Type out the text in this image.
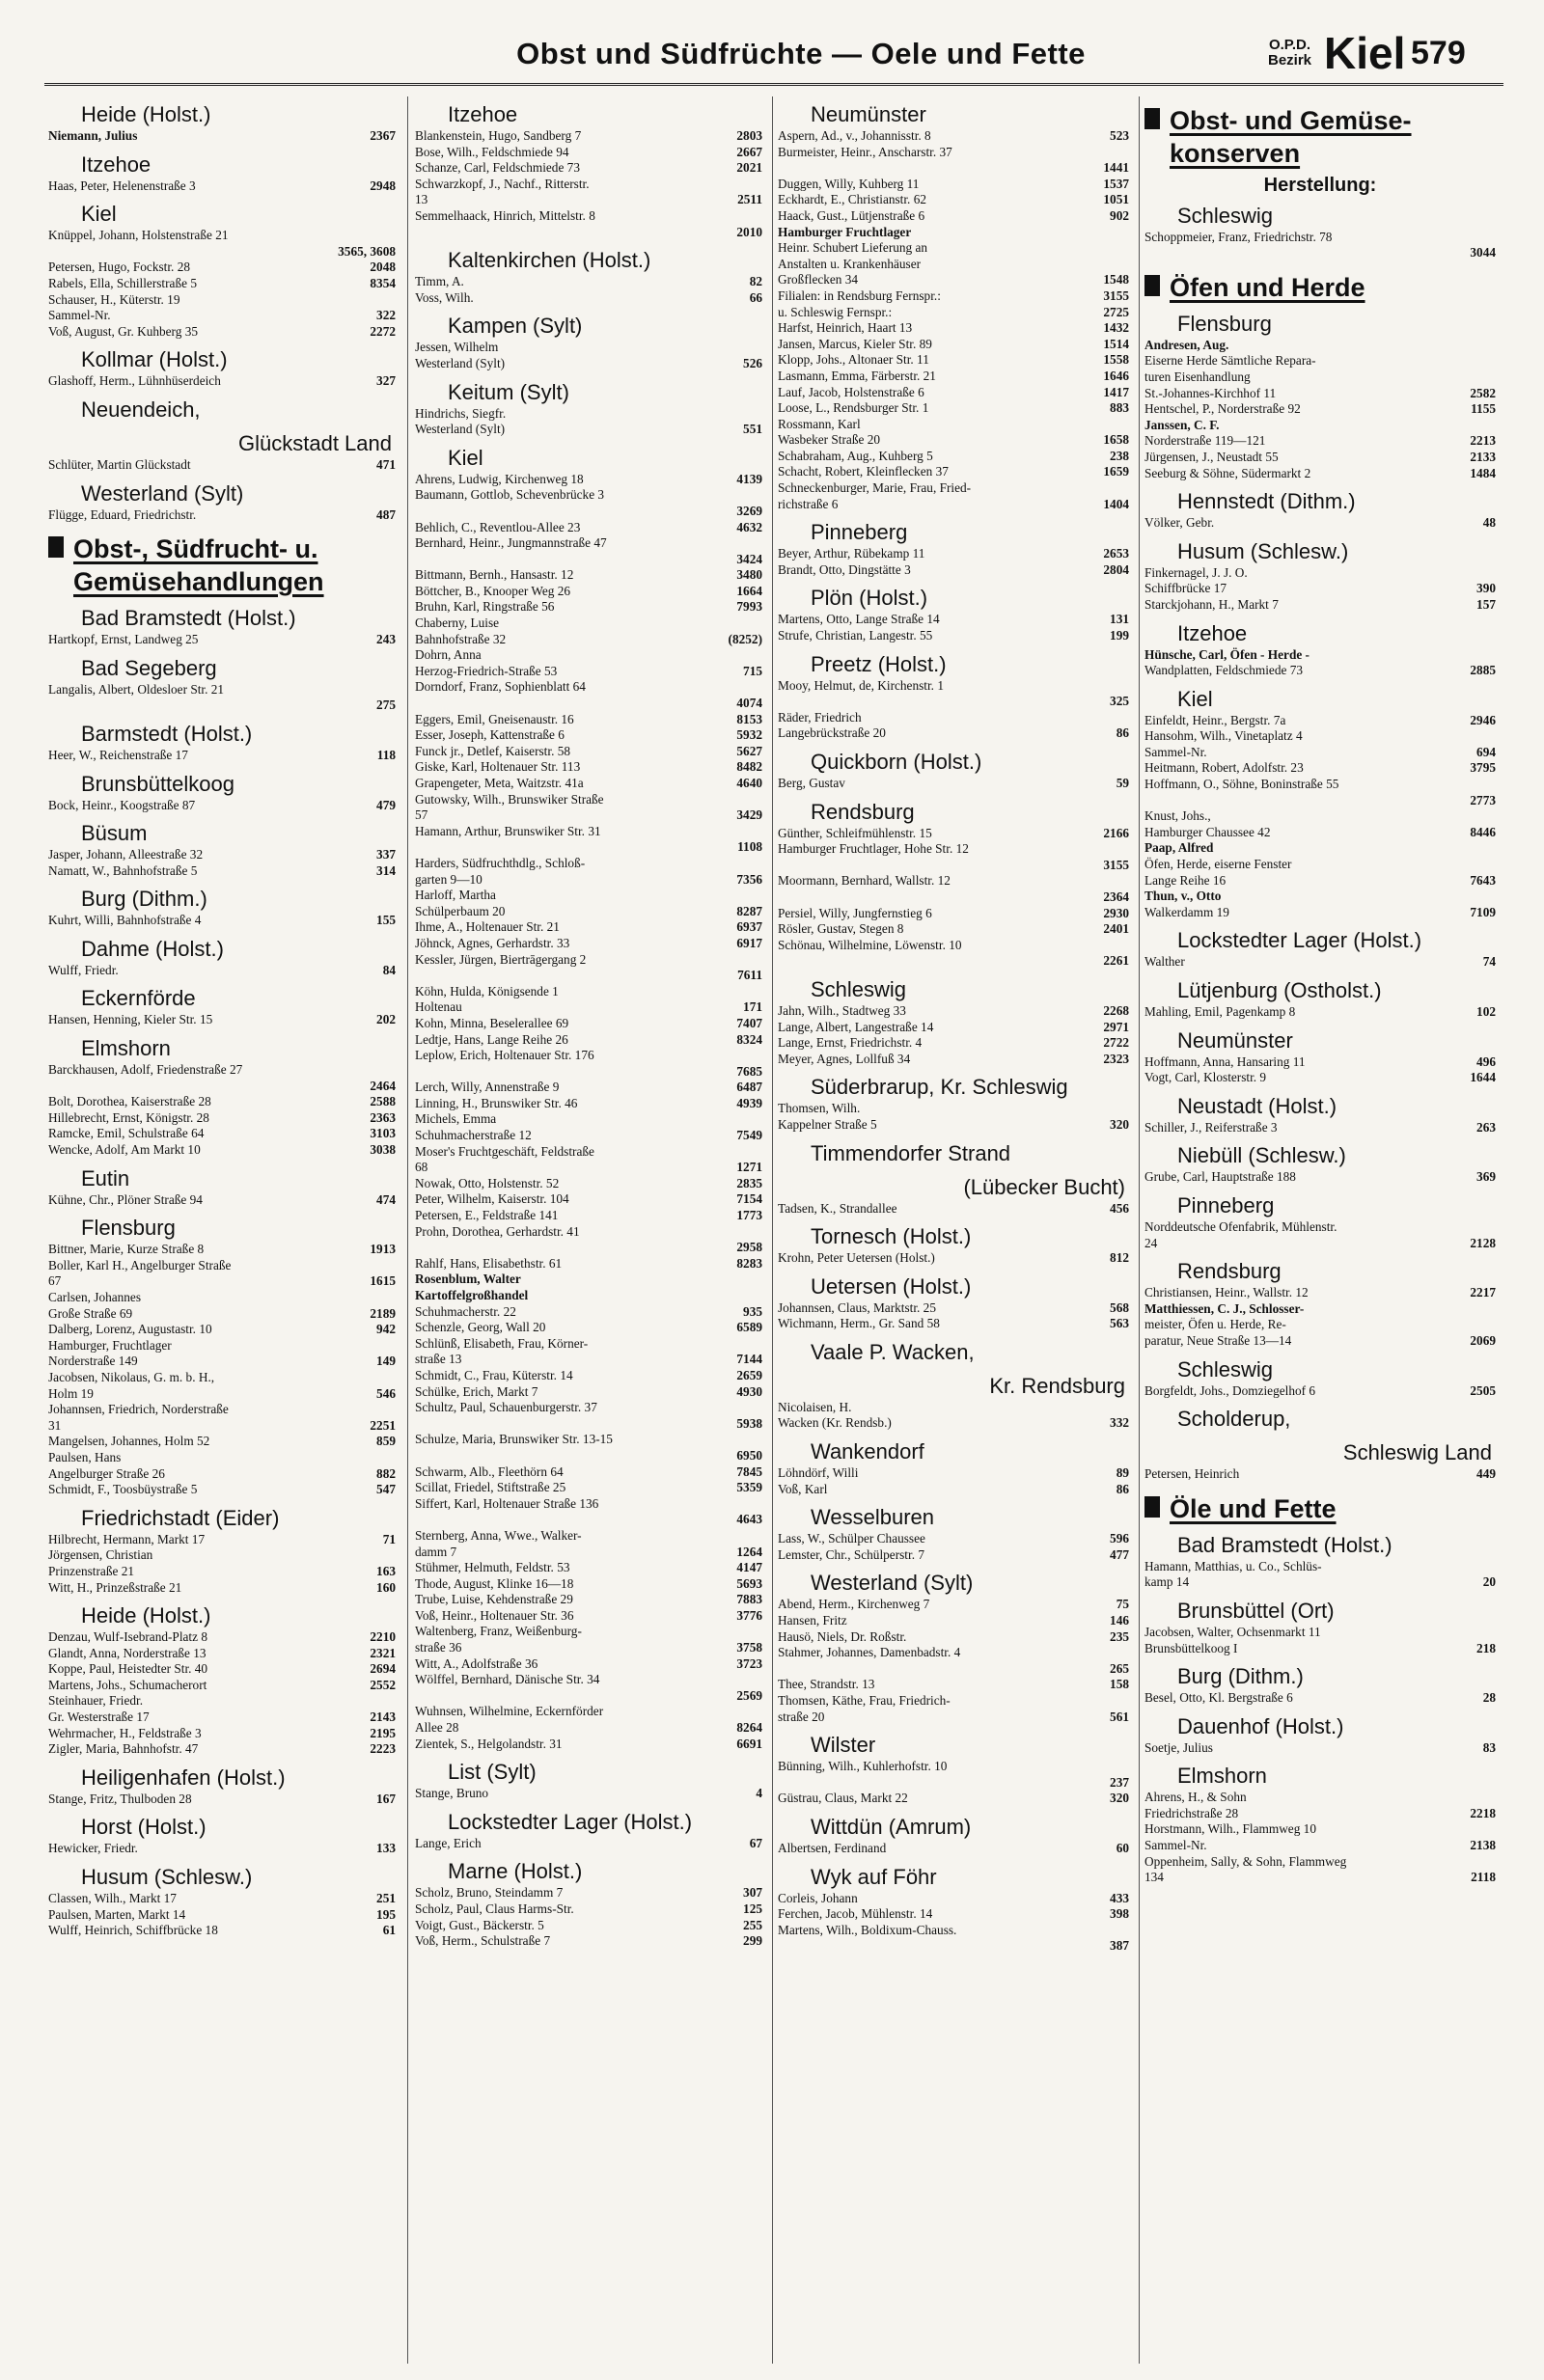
Obst und Südfrüchte — Oele und Fette	O.P.D.
Bezirk Kiel 579
Heide (Holst.)
Niemann, Julius	2367
Itzehoe
Haas, Peter, Helenenstraße 3	2948
Kiel
Knüppel, Johann, Holstenstraße 21
3565, 3608
Petersen, Hugo, Fockstr. 28	2048
Rabels, Ella, Schillerstraße 5	8354
Schauser, H., Küterstr. 19
Sammel-Nr.	322
Voß, August, Gr. Kuhberg 35	2272
Kollmar (Holst.)
Glashoff, Herm., Lühnhüserdeich	327
Neuendeich,
Glückstadt Land
Schlüter, Martin Glückstadt	471
Westerland (Sylt)
Flügge, Eduard, Friedrichstr.	487
Obst-, Südfrucht- u.
Gemüsehandlungen
Bad Bramstedt (Holst.)
Hartkopf, Ernst, Landweg 25	243
Bad Segeberg
Langalis, Albert, Oldesloer Str. 21
275
Barmstedt (Holst.)
Heer, W., Reichenstraße 17	118
Brunsbüttelkoog
Bock, Heinr., Koogstraße 87	479
Büsum
Jasper, Johann, Alleestraße 32	337
Namatt, W., Bahnhofstraße 5	314
Burg (Dithm.)
Kuhrt, Willi, Bahnhofstraße 4	155
Dahme (Holst.)
Wulff, Friedr.	84
Eckernförde
Hansen, Henning, Kieler Str. 15	202
Elmshorn
Barckhausen, Adolf, Friedenstraße 27
2464
Bolt, Dorothea, Kaiserstraße 28	2588
Hillebrecht, Ernst, Königstr. 28	2363
Ramcke, Emil, Schulstraße 64	3103
Wencke, Adolf, Am Markt 10	3038
Eutin
Kühne, Chr., Plöner Straße 94	474
Flensburg
Bittner, Marie, Kurze Straße 8	1913
Boller, Karl H., Angelburger Straße
67	1615
Carlsen, Johannes
Große Straße 69	2189
Dalberg, Lorenz, Augustastr. 10	942
Hamburger, Fruchtlager
Norderstraße 149	149
Jacobsen, Nikolaus, G. m. b. H.,
Holm 19	546
Johannsen, Friedrich, Norderstraße
31	2251
Mangelsen, Johannes, Holm 52	859
Paulsen, Hans
Angelburger Straße 26	882
Schmidt, F., Toosbüystraße 5	547
Friedrichstadt (Eider)
Hilbrecht, Hermann, Markt 17	71
Jörgensen, Christian
Prinzenstraße 21	163
Witt, H., Prinzeßstraße 21	160
Heide (Holst.)
Denzau, Wulf-Isebrand-Platz 8	2210
Glandt, Anna, Norderstraße 13	2321
Koppe, Paul, Heistedter Str. 40	2694
Martens, Johs., Schumacherort	2552
Steinhauer, Friedr.
Gr. Westerstraße 17	2143
Wehrmacher, H., Feldstraße 3	2195
Zigler, Maria, Bahnhofstr. 47	2223
Heiligenhafen (Holst.)
Stange, Fritz, Thulboden 28	167
Horst (Holst.)
Hewicker, Friedr.	133
Husum (Schlesw.)
Classen, Wilh., Markt 17	251
Paulsen, Marten, Markt 14	195
Wulff, Heinrich, Schiffbrücke 18	61
Itzehoe
Blankenstein, Hugo, Sandberg 7	2803
Bose, Wilh., Feldschmiede 94	2667
Schanze, Carl, Feldschmiede 73	2021
Schwarzkopf, J., Nachf., Ritterstr.
13	2511
Semmelhaack, Hinrich, Mittelstr. 8
2010
Kaltenkirchen (Holst.)
Timm, A.	82
Voss, Wilh.	66
Kampen (Sylt)
Jessen, Wilhelm
Westerland (Sylt)	526
Keitum (Sylt)
Hindrichs, Siegfr.
Westerland (Sylt)	551
Kiel
Ahrens, Ludwig, Kirchenweg 18	4139
Baumann, Gottlob, Schevenbrücke 3
3269
Behlich, C., Reventlou-Allee 23	4632
Bernhard, Heinr., Jungmannstraße 47
3424
Bittmann, Bernh., Hansastr. 12	3480
Böttcher, B., Knooper Weg 26	1664
Bruhn, Karl, Ringstraße 56	7993
Chaberny, Luise
Bahnhofstraße 32	(8252)
Dohrn, Anna
Herzog-Friedrich-Straße 53	715
Dorndorf, Franz, Sophienblatt 64
4074
Eggers, Emil, Gneisenaustr. 16	8153
Esser, Joseph, Kattenstraße 6	5932
Funck jr., Detlef, Kaiserstr. 58	5627
Giske, Karl, Holtenauer Str. 113	8482
Grapengeter, Meta, Waitzstr. 41a	4640
Gutowsky, Wilh., Brunswiker Straße
57	3429
Hamann, Arthur, Brunswiker Str. 31
1108
Harders, Südfruchthdlg., Schloß-
garten 9—10	7356
Harloff, Martha
Schülperbaum 20	8287
Ihme, A., Holtenauer Str. 21	6937
Jöhnck, Agnes, Gerhardstr. 33	6917
Kessler, Jürgen, Biertrāgergang 2
7611
Köhn, Hulda, Königsende 1
Holtenau	171
Kohn, Minna, Beselerallee 69	7407
Ledtje, Hans, Lange Reihe 26	8324
Leplow, Erich, Holtenauer Str. 176
7685
Lerch, Willy, Annenstraße 9	6487
Linning, H., Brunswiker Str. 46	4939
Michels, Emma
Schuhmacherstraße 12	7549
Moser's Fruchtgeschäft, Feldstraße
68	1271
Nowak, Otto, Holstenstr. 52	2835
Peter, Wilhelm, Kaiserstr. 104	7154
Petersen, E., Feldstraße 141	1773
Prohn, Dorothea, Gerhardstr. 41
2958
Rahlf, Hans, Elisabethstr. 61	8283
Rosenblum, Walter
Kartoffelgroßhandel
Schuhmacherstr. 22	935
Schenzle, Georg, Wall 20	6589
Schlünß, Elisabeth, Frau, Körner-
straße 13	7144
Schmidt, C., Frau, Küterstr. 14	2659
Schülke, Erich, Markt 7	4930
Schultz, Paul, Schauenburgerstr. 37
5938
Schulze, Maria, Brunswiker Str. 13-15
6950
Schwarm, Alb., Fleethörn 64	7845
Scillat, Friedel, Stiftstraße 25	5359
Siffert, Karl, Holtenauer Straße 136
4643
Sternberg, Anna, Wwe., Walker-
damm 7	1264
Stühmer, Helmuth, Feldstr. 53	4147
Thode, August, Klinke 16—18	5693
Trube, Luise, Kehdenstraße 29	7883
Voß, Heinr., Holtenauer Str. 36	3776
Waltenberg, Franz, Weißenburg-
straße 36	3758
Witt, A., Adolfstraße 36	3723
Wölffel, Bernhard, Dänische Str. 34
2569
Wuhnsen, Wilhelmine, Eckernförder
Allee 28	8264
Zientek, S., Helgolandstr. 31	6691
List (Sylt)
Stange, Bruno	4
Lockstedter Lager (Holst.)
Lange, Erich	67
Marne (Holst.)
Scholz, Bruno, Steindamm 7	307
Scholz, Paul, Claus Harms-Str.	125
Voigt, Gust., Bäckerstr. 5	255
Voß, Herm., Schulstraße 7	299
Neumünster
Aspern, Ad., v., Johannisstr. 8	523
Burmeister, Heinr., Anscharstr. 37
1441
Duggen, Willy, Kuhberg 11	1537
Eckhardt, E., Christianstr. 62	1051
Haack, Gust., Lütjenstraße 6	902
Hamburger Fruchtlager
Heinr. Schubert Lieferung an
Anstalten u. Krankenhäuser
Großflecken 34	1548
Filialen: in Rendsburg Fernspr.:	3155
u. Schleswig Fernspr.:	2725
Harfst, Heinrich, Haart 13	1432
Jansen, Marcus, Kieler Str. 89	1514
Klopp, Johs., Altonaer Str. 11	1558
Lasmann, Emma, Färberstr. 21	1646
Lauf, Jacob, Holstenstraße 6	1417
Loose, L., Rendsburger Str. 1	883
Rossmann, Karl
Wasbeker Straße 20	1658
Schabraham, Aug., Kuhberg 5	238
Schacht, Robert, Kleinflecken 37	1659
Schneckenburger, Marie, Frau, Fried-
richstraße 6	1404
Pinneberg
Beyer, Arthur, Rübekamp 11	2653
Brandt, Otto, Dingstätte 3	2804
Plön (Holst.)
Martens, Otto, Lange Straße 14	131
Strufe, Christian, Langestr. 55	199
Preetz (Holst.)
Mooy, Helmut, de, Kirchenstr. 1
325
Räder, Friedrich
Langebrückstraße 20	86
Quickborn (Holst.)
Berg, Gustav	59
Rendsburg
Günther, Schleifmühlenstr. 15	2166
Hamburger Fruchtlager, Hohe Str. 12
3155
Moormann, Bernhard, Wallstr. 12
2364
Persiel, Willy, Jungfernstieg 6	2930
Rösler, Gustav, Stegen 8	2401
Schönau, Wilhelmine, Löwenstr. 10
2261
Schleswig
Jahn, Wilh., Stadtweg 33	2268
Lange, Albert, Langestraße 14	2971
Lange, Ernst, Friedrichstr. 4	2722
Meyer, Agnes, Lollfuß 34	2323
Süderbrarup, Kr. Schleswig
Thomsen, Wilh.
Kappelner Straße 5	320
Timmendorfer Strand
(Lübecker Bucht)
Tadsen, K., Strandallee	456
Tornesch (Holst.)
Krohn, Peter Uetersen (Holst.)	812
Uetersen (Holst.)
Johannsen, Claus, Marktstr. 25	568
Wichmann, Herm., Gr. Sand 58	563
Vaale P. Wacken,
Kr. Rendsburg
Nicolaisen, H.
Wacken (Kr. Rendsb.)	332
Wankendorf
Löhndörf, Willi	89
Voß, Karl	86
Wesselburen
Lass, W., Schülper Chaussee	596
Lemster, Chr., Schülperstr. 7	477
Westerland (Sylt)
Abend, Herm., Kirchenweg 7	75
Hansen, Fritz	146
Hausö, Niels, Dr. Roßstr.	235
Stahmer, Johannes, Damenbadstr. 4
265
Thee, Strandstr. 13	158
Thomsen, Käthe, Frau, Friedrich-
straße 20	561
Wilster
Bünning, Wilh., Kuhlerhofstr. 10
237
Güstrau, Claus, Markt 22	320
Wittdün (Amrum)
Albertsen, Ferdinand	60
Wyk auf Föhr
Corleis, Johann	433
Ferchen, Jacob, Mühlenstr. 14	398
Martens, Wilh., Boldixum-Chauss.
387
Obst- und Gemüse-
konserven
Herstellung:
Schleswig
Schoppmeier, Franz, Friedrichstr. 78
3044
Öfen und Herde
Flensburg
Andresen, Aug.
Eiserne Herde Sämtliche Repara-
turen Eisenhandlung
St.-Johannes-Kirchhof 11	2582
Hentschel, P., Norderstraße 92	1155
Janssen, C. F.
Norderstraße 119—121	2213
Jürgensen, J., Neustadt 55	2133
Seeburg & Söhne, Südermarkt 2	1484
Hennstedt (Dithm.)
Völker, Gebr.	48
Husum (Schlesw.)
Finkernagel, J. J. O.
Schiffbrücke 17	390
Starckjohann, H., Markt 7	157
Itzehoe
Hünsche, Carl, Öfen - Herde -
Wandplatten, Feldschmiede 73	2885
Kiel
Einfeldt, Heinr., Bergstr. 7a	2946
Hansohm, Wilh., Vinetaplatz 4
Sammel-Nr.	694
Heitmann, Robert, Adolfstr. 23	3795
Hoffmann, O., Söhne, Boninstraße 55
2773
Knust, Johs.,
Hamburger Chaussee 42	8446
Paap, Alfred
Öfen, Herde, eiserne Fenster
Lange Reihe 16	7643
Thun, v., Otto
Walkerdamm 19	7109
Lockstedter Lager (Holst.)
Walther	74
Lütjenburg (Ostholst.)
Mahling, Emil, Pagenkamp 8	102
Neumünster
Hoffmann, Anna, Hansaring 11	496
Vogt, Carl, Klosterstr. 9	1644
Neustadt (Holst.)
Schiller, J., Reiferstraße 3	263
Niebüll (Schlesw.)
Grube, Carl, Hauptstraße 188	369
Pinneberg
Norddeutsche Ofenfabrik, Mühlenstr.
24	2128
Rendsburg
Christiansen, Heinr., Wallstr. 12	2217
Matthiessen, C. J., Schlosser-
meister, Öfen u. Herde, Re-
paratur, Neue Straße 13—14	2069
Schleswig
Borgfeldt, Johs., Domziegelhof 6	2505
Scholderup,
Schleswig Land
Petersen, Heinrich	449
Öle und Fette
Bad Bramstedt (Holst.)
Hamann, Matthias, u. Co., Schlüs-
kamp 14	20
Brunsbüttel (Ort)
Jacobsen, Walter, Ochsenmarkt 11
Brunsbüttelkoog I	218
Burg (Dithm.)
Besel, Otto, Kl. Bergstraße 6	28
Dauenhof (Holst.)
Soetje, Julius	83
Elmshorn
Ahrens, H., & Sohn
Friedrichstraße 28	2218
Horstmann, Wilh., Flammweg 10
Sammel-Nr.	2138
Oppenheim, Sally, & Sohn, Flammweg
134	2118
